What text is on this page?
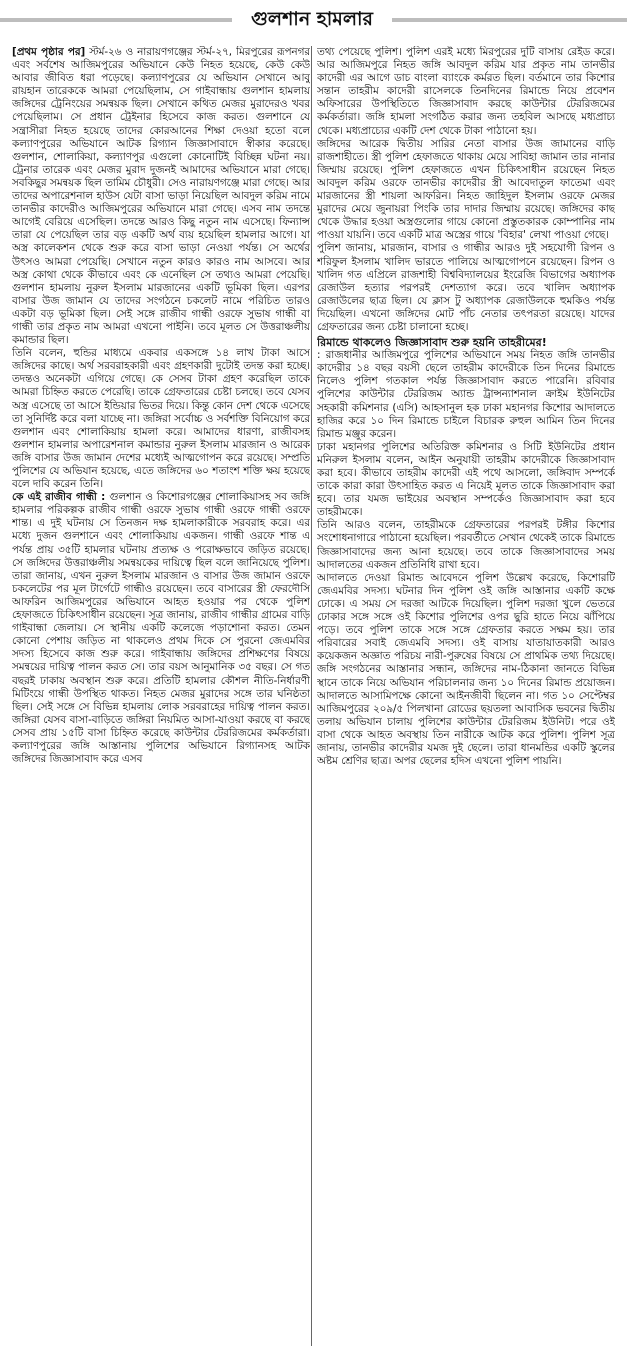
গুলশান হামলার

[প্রথম পৃষ্ঠার পর] স্টর্ম-২৬ ও নারায়ণগঞ্জের স্টর্ম-২৭, মিরপুরের রূপনগর এবং সর্বশেষ আজিমপুরের অভিযানে কেউ নিহত হয়েছে, কেউ কেউ আবার জীবিত ধরা পড়েছে। কল্যাণপুরের যে অভিযান সেখানে আবু রায়হান তারেককে আমরা পেয়েছিলাম, সে গাইবান্ধায় গুলশান হামলায় জঙ্গিদের ট্রেনিংয়ের সমন্বয়ক ছিল। সেখানে কথিত মেজর মুরাদেরও খবর পেয়েছিলাম। সে প্রধান ট্রেইনার হিসেবে কাজ করত। গুলশানে যে সন্ত্রাসীরা নিহত হয়েছে তাদের কোরআনের শিক্ষা দেওয়া হতো বলে কল্যাণপুরের অভিযানে আটক রিগ্যান জিজ্ঞাসাবাদে স্বীকার করেছে। গুলশান, শোলাকিয়া, কল্যাণপুর এগুলো কোনোটিই বিচ্ছিন্ন ঘটনা নয়। ট্রেনার তারেক এবং মেজর মুরাদ দুজনই আমাদের অভিযানে মারা গেছে। সবকিছুর সমন্বয়ক ছিল তামিম চৌধুরী। সেও নারায়ণগঞ্জে মারা গেছে। আর তাদের অপারেশনাল হাউস যেটা বাসা ভাড়া নিয়েছিল আবদুল করিম নামে তানভীর কাদেরীও আজিমপুরের অভিযানে মারা গেছে। এসব নাম তদন্তে আগেই বেরিয়ে এসেছিল। তদন্তে আরও কিছু নতুন নাম এসেছে। ফিন্যান্স তারা যে পেয়েছিল তার বড় একটি অর্থ ব্যয় হয়েছিল হামলার আগে। যা অস্ত্র কালেকশন থেকে শুরু করে বাসা ভাড়া নেওয়া পর্যন্ত। সে অর্থের উৎসও আমরা পেয়েছি। সেখানে নতুন কারও কারও নাম আসবে। আর অস্ত্র কোথা থেকে কীভাবে এবং কে এনেছিল সে তথ্যও আমরা পেয়েছি। গুলশান হামলায় নুরুল ইসলাম মারজানের একটি ভূমিকা ছিল। এরপর বাসার উজ জামান যে তাদের সংগঠনে চকলেট নামে পরিচিত তারও একটা বড় ভূমিকা ছিল। সেই সঙ্গে রাজীব গান্ধী ওরফে সুভাষ গান্ধী বা গান্ধী তার প্রকৃত নাম আমরা এখনো পাইনি। তবে মূলত সে উত্তরাঞ্চলীয় কমান্ডার ছিল।

তিনি বলেন, হুন্ডির মাধ্যমে একবার একসঙ্গে ১৪ লাখ টাকা আসে জঙ্গিদের কাছে। অর্থ সরবরাহকারী এবং গ্রহণকারী দুটোই তদন্ত করা হচ্ছে। তদন্তও অনেকটা এগিয়ে গেছে। কে সেসব টাকা গ্রহণ করেছিল তাকে আমরা চিহ্নিত করতে পেরেছি। তাকে গ্রেফতারের চেষ্টা চলছে। তবে যেসব অস্ত্র এসেছে তা আসে ইন্ডিয়ার ভিতর দিয়ে। কিন্তু কোন দেশ থেকে এসেছে তা সুনির্দিষ্ট করে বলা যাচ্ছে না। জঙ্গিরা সর্বোচ্চ ও সর্বশক্তি বিনিয়োগ করে গুলশান এবং শোলাকিয়ায় হামলা করে। আমাদের ধারণা, রাজীবসহ গুলশান হামলার অপারেশনাল কমান্ডার নুরুল ইসলাম মারজান ও আরেক জঙ্গি বাসার উজ জামান দেশের মধ্যেই আত্মগোপন করে রয়েছে। সম্প্রতি পুলিশের যে অভিযান হয়েছে, এতে জঙ্গিদের ৬০ শতাংশ শক্তি ক্ষয় হয়েছে বলে দাবি করেন তিনি।

কে এই রাজীব গান্ধী : গুলশান ও কিশোরগঞ্জের শোলাকিয়াসহ সব জঙ্গি হামলার পরিকল্পক রাজীব গান্ধী ওরফে সুভাষ গান্ধী ওরফে গান্ধী ওরফে শান্ত। এ দুই ঘটনায় সে তিনজন দক্ষ হামলাকারীকে সরবরাহ করে। এর মধ্যে দুজন গুলশানে এবং শোলাকিয়ায় একজন। গান্ধী ওরফে শান্ত এ পর্যন্ত প্রায় ৩৫টি হামলার ঘটনায় প্রত্যক্ষ ও পরোক্ষভাবে জড়িত রয়েছে। সে জঙ্গিদের উত্তরাঞ্চলীয় সমন্বয়কের দায়িত্বে ছিল বলে জানিয়েছে পুলিশ। তারা জানায়, এখন নুরুল ইসলাম মারজান ও বাসার উজ জামান ওরফে চকলেটের পর মূল টার্গেটে গান্ধীও রয়েছেন। তবে বাসারের স্ত্রী ফেরদৌসি আফরিন আজিমপুরের অভিযানে আহত হওয়ার পর থেকে পুলিশ হেফাজতে চিকিৎসাধীন রয়েছেন। সূত্র জানায়, রাজীব গান্ধীর গ্রামের বাড়ি গাইবান্ধা জেলায়। সে স্থানীয় একটি কলেজে পড়াশোনা করত। তেমন কোনো পেশায় জড়িত না থাকলেও প্রথম দিকে সে পুরনো জেএমবির সদস্য হিসেবে কাজ শুরু করে। গাইবান্ধায় জঙ্গিদের প্রশিক্ষণের বিষয়ে সমন্বয়ের দায়িত্ব পালন করত সে। তার বয়স আনুমানিক ৩৫ বছর। সে গত বছরই ঢাকায় অবস্থান শুরু করে। প্রতিটি হামলার কৌশল নীতি-নির্ধারণী মিটিংয়ে গান্ধী উপস্থিত থাকত। নিহত মেজর মুরাদের সঙ্গে তার ঘনিষ্ঠতা ছিল। সেই সঙ্গে সে বিভিন্ন হামলায় লোক সরবরাহের দায়িত্ব পালন করত। জঙ্গিরা যেসব বাসা-বাড়িতে জঙ্গিরা নিয়মিত আসা-যাওয়া করছে বা করছে সেসব প্রায় ১৫টি বাসা চিহ্নিত করেছে কাউন্টার টেররিজমের কর্মকর্তারা। কল্যাণপুরের জঙ্গি আস্তানায় পুলিশের অভিযানে রিগ্যানসহ আটক জঙ্গিদের জিজ্ঞাসাবাদ করে এসব

তথ্য পেয়েছে পুলিশ। পুলিশ এরই মধ্যে মিরপুরের দুটি বাসায় রেইড করে। আর আজিমপুরে নিহত জঙ্গি আবদুল করিম যার প্রকৃত নাম তানভীর কাদেরী এর আগে ডাচ বাংলা ব্যাংকে কর্মরত ছিল। বর্তমানে তার কিশোর সন্তান তাহরীম কাদেরী রাসেলকে তিনদিনের রিমান্ডে নিয়ে প্রবেশন অফিসারের উপস্থিতিতে জিজ্ঞাসাবাদ করছে কাউন্টার টেররিজমের কর্মকর্তারা। জঙ্গি হামলা সংগঠিত করার জন্য তহবিল আসছে মধ্যপ্রাচ্য থেকে। মধ্যপ্রাচ্যের একটি দেশ থেকে টাকা পাঠানো হয়।

জঙ্গিদের আরেক দ্বিতীয় সারির নেতা বাসার উজ জামানের বাড়ি রাজশাহীতে। স্ত্রী পুলিশ হেফাজতে থাকায় মেয়ে সাবিহা জামান তার নানার জিম্মায় রয়েছে। পুলিশ হেফাজতে এখন চিকিৎসাধীন রয়েছেন নিহত আবদুল করিম ওরফে তানভীর কাদেরীর স্ত্রী আবেদাতুল ফাতেমা এবং মারজানের স্ত্রী শায়লা আফরিন। নিহত জাহিদুল ইসলাম ওরফে মেজর মুরাদের মেয়ে জুনায়রা পিংকি তার দাদার জিম্মায় রয়েছে। জঙ্গিদের কাছ থেকে উদ্ধার হওয়া অস্ত্রগুলোর গায়ে কোনো প্রস্তুতকারক কোম্পানির নাম পাওয়া যায়নি। তবে একটি মাত্র অস্ত্রের গায়ে 'বিহার' লেখা পাওয়া গেছে।

পুলিশ জানায়, মারজান, বাসার ও গান্ধীর আরও দুই সহযোগী রিপন ও শরিফুল ইসলাম খালিদ ভারতে পালিয়ে আত্মগোপনে রয়েছেন। রিপন ও খালিদ গত এপ্রিলে রাজশাহী বিশ্ববিদ্যালয়ের ইংরেজি বিভাগের অধ্যাপক রেজাউল হত্যার পরপরই দেশত্যাগ করে। তবে খালিদ অধ্যাপক রেজাউলের ছাত্র ছিল। যে ক্লাস টু অধ্যাপক রেজাউলকে হুমকিও পর্যন্ত দিয়েছিল। এখনো জঙ্গিদের মোট পাঁচ নেতার তৎপরতা রয়েছে। যাদের গ্রেফতারের জন্য চেষ্টা চালানো হচ্ছে।

রিমান্ডে থাকলেও জিজ্ঞাসাবাদ শুরু হয়নি তাহরীমের!

: রাজধানীর আজিমপুরে পুলিশের অভিযানে সময় নিহত জঙ্গি তানভীর কাদেরীর ১৪ বছর বয়সী ছেলে তাহরীম কাদেরীকে তিন দিনের রিমান্ডে নিলেও পুলিশ গতকাল পর্যন্ত জিজ্ঞাসাবাদ করতে পারেনি। রবিবার পুলিশের কাউন্টার টেররিজম অ্যান্ড ট্রান্সন্যাশনাল ক্রাইম ইউনিটের সহকারী কমিশনার (এসি) আহসানুল হক ঢাকা মহানগর কিশোর আদালতে হাজির করে ১০ দিন রিমান্ডে চাইলে বিচারক রুহুল আমিন তিন দিনের রিমান্ড মঞ্জুর করেন।

ঢাকা মহানগর পুলিশের অতিরিক্ত কমিশনার ও সিটি ইউনিটের প্রধান মনিরুল ইসলাম বলেন, আইন অনুযায়ী তাহরীম কাদেরীকে জিজ্ঞাসাবাদ করা হবে। কীভাবে তাহরীম কাদেরী এই পথে আসলো, জঙ্গিবাদ সম্পর্কে তাকে কারা কারা উৎসাহিত করত এ নিয়েই মূলত তাকে জিজ্ঞাসাবাদ করা হবে। তার যমজ ভাইয়ের অবস্থান সম্পর্কেও জিজ্ঞাসাবাদ করা হবে তাহরীমকে।

তিনি আরও বলেন, তাহরীমকে গ্রেফতারের পরপরই টঙ্গীর কিশোর সংশোধনাগারে পাঠানো হয়েছিল। পরবর্তীতে সেখান থেকেই তাকে রিমান্ডে জিজ্ঞাসাবাদের জন্য আনা হয়েছে। তবে তাকে জিজ্ঞাসাবাদের সময় আদালতের একজন প্রতিনিধি রাখা হবে।

আদালতে দেওয়া রিমান্ড আবেদনে পুলিশ উল্লেখ করেছে, কিশোরটি জেএমবির সদস্য। ঘটনার দিন পুলিশ ওই জঙ্গি আস্তানার একটি কক্ষে ঢোকে। এ সময় সে দরজা আটকে দিয়েছিল। পুলিশ দরজা খুলে ভেতরে ঢোকার সঙ্গে সঙ্গে ওই কিশোর পুলিশের ওপর ছুরি হাতে নিয়ে ঝাঁপিয়ে পড়ে। তবে পুলিশ তাকে সঙ্গে সঙ্গে গ্রেফতার করতে সক্ষম হয়। তার পরিবারের সবাই জেএমবি সদস্য। ওই বাসায় যাতায়াতকারী আরও কয়েকজন অজ্ঞাত পরিচয় নারী-পুরুষের বিষয়ে সে প্রাথমিক তথ্য দিয়েছে। জঙ্গি সংগঠনের আস্তানার সন্ধান, জঙ্গিদের নাম-ঠিকানা জানতে বিভিন্ন স্থানে তাকে নিয়ে অভিযান পরিচালনার জন্য ১০ দিনের রিমান্ড প্রয়োজন। আদালতে আসামিপক্ষে কোনো আইনজীবী ছিলেন না। গত ১০ সেপ্টেম্বর আজিমপুরের ২০৯/৫ পিলখানা রোডের ছয়তলা আবাসিক ভবনের দ্বিতীয় তলায় অভিযান চালায় পুলিশের কাউন্টার টেররিজম ইউনিট। পরে ওই বাসা থেকে আহত অবস্থায় তিন নারীকে আটক করে পুলিশ। পুলিশ সূত্র জানায়, তানভীর কাদেরীর যমজ দুই ছেলে। তারা ধানমন্ডির একটি স্কুলের অষ্টম শ্রেণির ছাত্র। অপর ছেলের হদিস এখনো পুলিশ পায়নি।
